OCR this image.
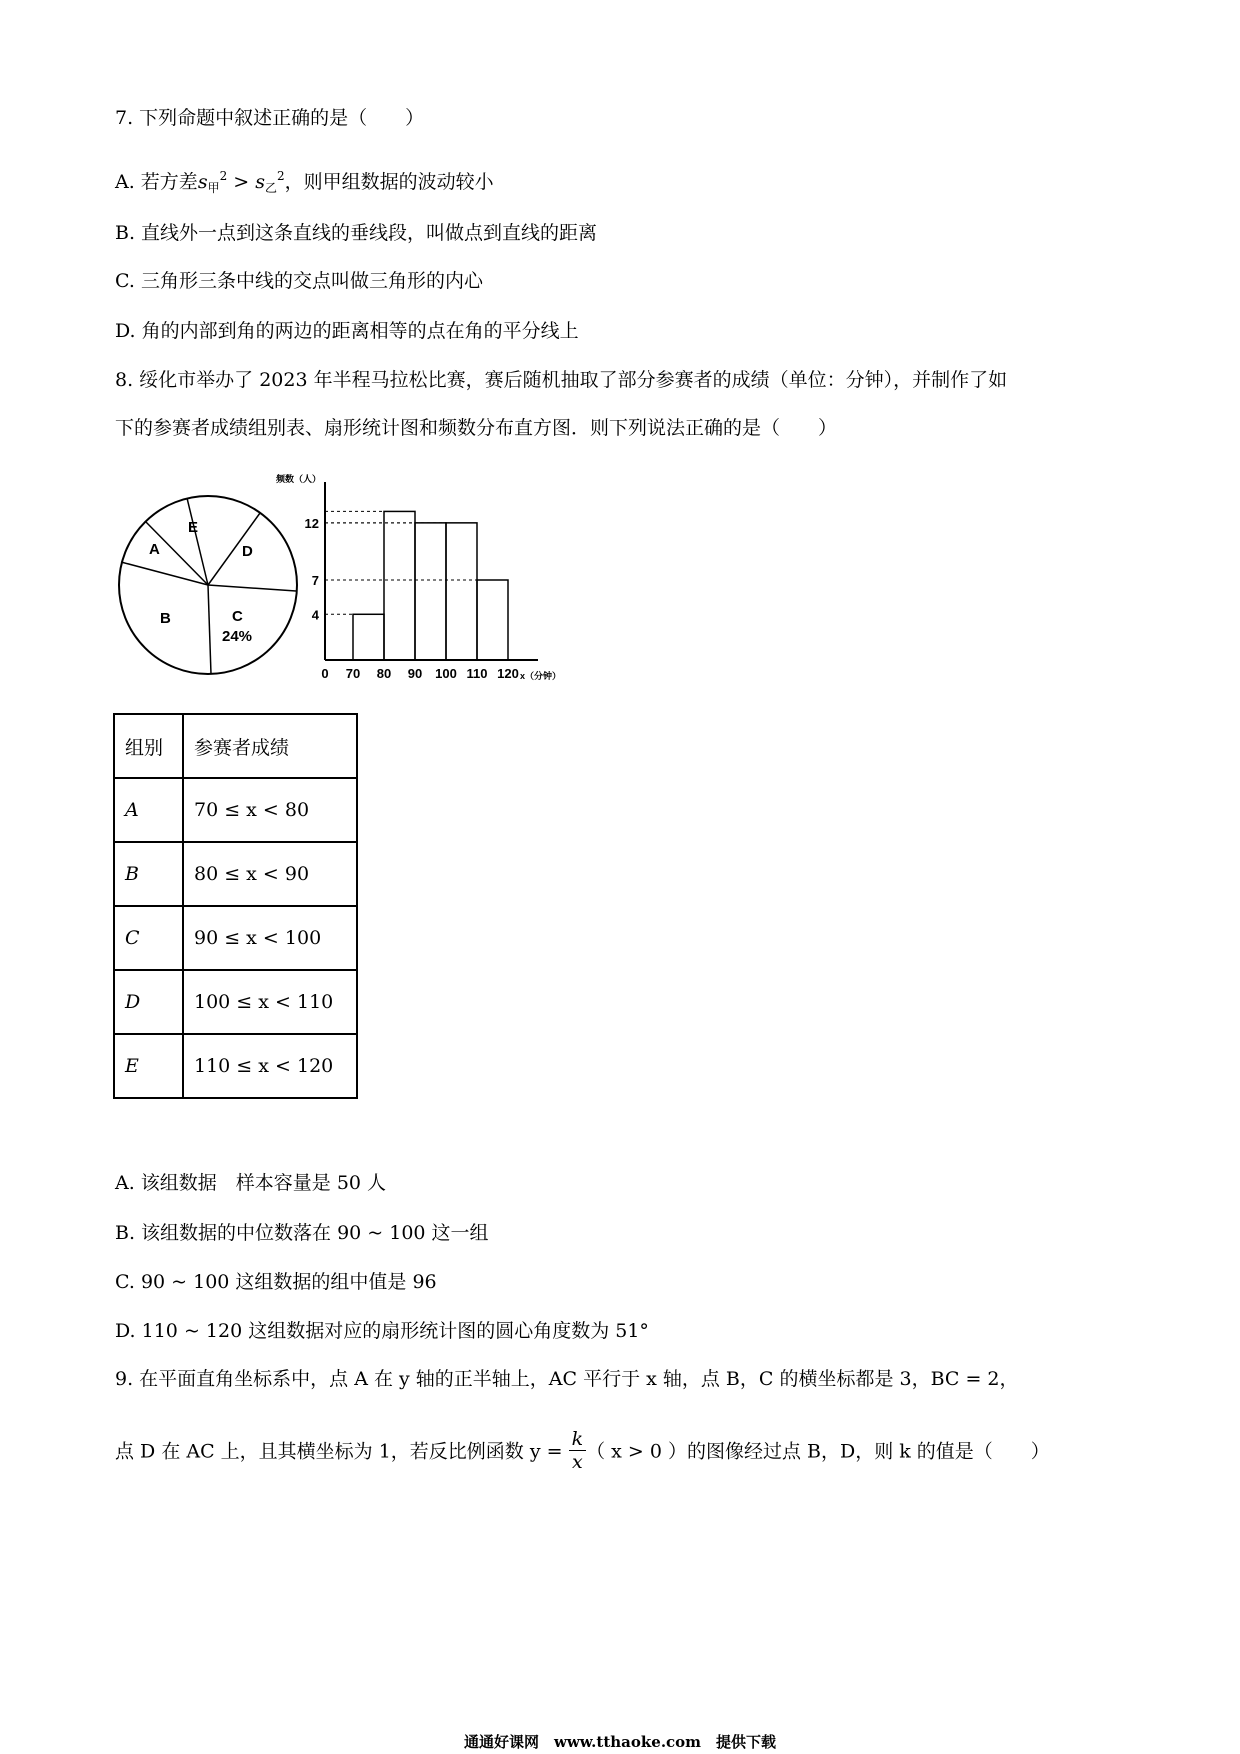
7. 下列命题中叙述正确的是（　　）
A. 若方差$s_甲^2 > s_乙^2$，则甲组数据的波动较小
B. 直线外一点到这条直线的垂线段，叫做点到直线的距离
C. 三角形三条中线的交点叫做三角形的内心
D. 角的内部到角的两边的距离相等的点在角的平分线上
8. 绥化市举办了 2023 年半程马拉松比赛，赛后随机抽取了部分参赛者的成绩（单位：分钟），并制作了如
下的参赛者成绩组别表、扇形统计图和频数分布直方图．则下列说法正确的是（　　）
A
E
D
C
24%
B
频数（人）
x（分钟）
0 70 80 90 100 110 120
4
7
12
组别	参赛者成绩
A	70 ≤ x < 80
B	80 ≤ x < 90
C	90 ≤ x < 100
D	100 ≤ x < 110
E	110 ≤ x < 120
A. 该组数据　样本容量是 50 人
B. 该组数据的中位数落在 90 ~ 100 这一组
C. 90 ~ 100 这组数据的组中值是 96
D. 110 ~ 120 这组数据对应的扇形统计图的圆心角度数为 51°
9. 在平面直角坐标系中，点 A 在 y 轴的正半轴上，AC 平行于 x 轴，点 B，C 的横坐标都是 3，BC = 2，
点 D 在 AC 上，且其横坐标为 1，若反比例函数 $y = \frac{k}{x}$ （ x > 0 ）的图像经过点 B，D，则 k 的值是（　　）
通通好课网　www.tthaoke.com　提供下载
